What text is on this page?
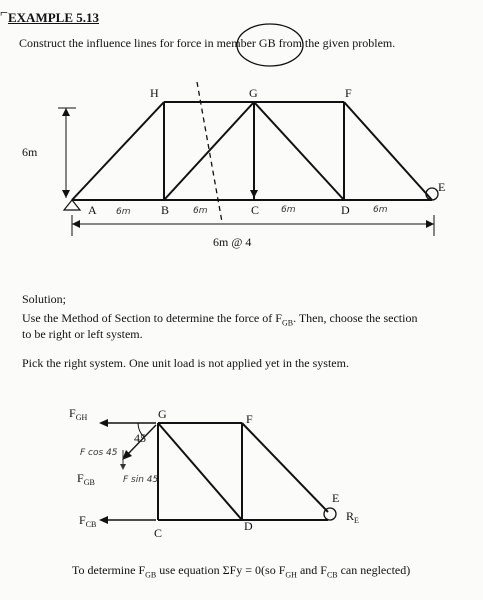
⌐ EXAMPLE 5.13
Construct the influence lines for force in member GB from the given problem.
6m
6m @ 4
H	G	F
A	B	C	D
E
6m	6m	6m	6m
G	F
C	D
E
45
F cos 45
F sin 45
$F_{GH}$
$F_{GB}$
$F_{CB}$
$R_E$
Solution;
Use the Method of Section to determine the force of $F_{GB}$. Then, choose the section
to be right or left system.
Pick the right system. One unit load is not applied yet in the system.
To determine $F_{GB}$ use equation ΣFy = 0(so $F_{GH}$ and $F_{CB}$ can neglected)
